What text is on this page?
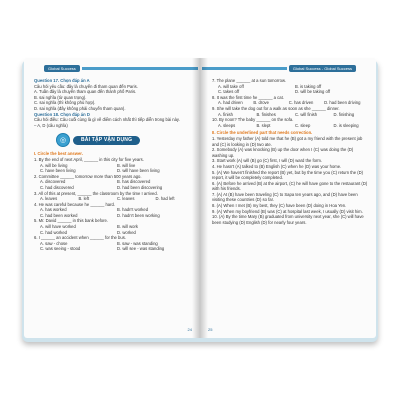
Global Success
Question 17. Chọn đáp án A
Câu hỏi yêu cầu: đây là chuyến đi tham quan đến Paris.
A. Tuần đây là chuyến tham quan đến thành phố Paris.
B. sai nghĩa (từ quan trọng).
C. sai nghĩa (thì không phù hợp).
D. sai nghĩa (đây không phải chuyến tham quan).
Question 18. Chọn đáp án D
Câu hỏi điều: Câu cuối cùng là gì về điểm cách nhất thì tiếp diễn trong bài này.
– A, D (câu nghĩa)
◎	BÀI TẬP VẬN DỤNG
I. Circle the best answer.
1. By the end of next April, ______ in this city for five years.
A. will be living	B. will live
C. have been living	D. will have been living
2. Committee ______ tomorrow more than 500 years ago.
A. discovered	B. has discovered
C. had discovered	D. had been discovering
3. All of this at present, ______ the classroom by the time I arrived.
A. leaves	B. left	C. leaves	D. had left
4. He was careful because he ______ hard.
A. has worked	B. hadn't worked
C. had been worked	D. hadn't been working
5. Mr. David ______ in this bank before.
A. will have worked	B. will work
C. had worked	D. worked
6. I ______ an accident when ______ for the bus.
A. saw - chose	B. saw - was standing
C. was seeing - stood	D. will see - was standing
24
Global Success - Global Success
7. The plane ______ at a sun tomorrow.
A. will take off	B. is taking off
C. takes off	D. will be taking off
8. It was the first time he ______ a cat.
A. had driven	B. drove	C. has driven	D. had been driving
9. She will take the dog out for a walk as soon as she ______ dinner.
A. finish	B. finishes	C. will finish	D. finishing
10. By noon? The baby ______ on the sofa.
A. sleeps	B. slept	C. sleep	D. is sleeping
II. Circle the underlined part that needs correction.
1. Yesterday my father (A) told me that he (B) got a my friend with the present job and (C) is looking in (D) two ate.
2. Somebody (A) was knocking (B) up the door when I (C) was doing the (D) washing up.
3. Start work (A) will (B) go (C) first, I will (D) ward the form.
4. He hasn't (A) talked to (B) English (C) when he (D) was your home.
5. (A) We haven't finished the report (B) yet, but by the time you (C) return the (D) report, it will be completely completed.
6. (A) Before he arrived (B) at the airport, (C) he will have gone to the restaurant (D) with his friends.
7. (A) At (B) have been traveling (C) to Sapa ten years ago, and (D) have been visiting these countries (D) so far.
8. (A) When I met (B) my best, they (C) have been (D) doing in Hoa Yen.
9. (A) When my boyfriend (B) was (C) at hospital last week, I usually (D) visit him.
10. (A) By the time Mary (B) graduated from university next year, she (C) will have been studying (D) English (D) for nearly four years.
25
